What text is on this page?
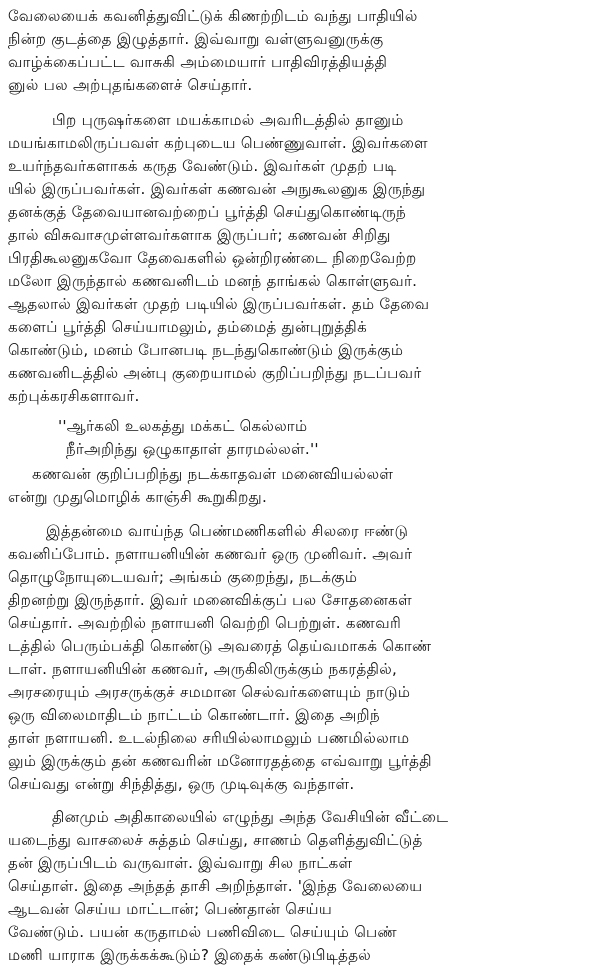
வேலையைக் கவனித்துவிட்டுக் கிணற்றிடம் வந்து பாதியில்
நின்ற குடத்தை இழுத்தார். இவ்வாறு வள்ளுவனுருக்கு
வாழ்க்கைப்பட்ட வாசுகி அம்மையார் பாதிவிரத்தியத்தி
னுல் பல அற்புதங்களைச் செய்தார்.
பிற புருஷர்களை மயக்காமல் அவரிடத்தில் தானும்
மயங்காமலிருப்பவள் கற்புடைய பெண்ணுவாள். இவர்களை
உயர்ந்தவர்களாகக் கருத வேண்டும். இவர்கள் முதற் படி
யில் இருப்பவர்கள். இவர்கள் கணவன் அநுகூலனுக இருந்து
தனக்குத் தேவையானவற்றைப் பூர்த்தி செய்துகொண்டிருந்
தால் விசுவாசமுள்ளவர்களாக இருப்பர்; கணவன் சிறிது
பிரதிகூலனுகவோ தேவைகளில் ஒன்றிரண்டை நிறைவேற்ற
மலோ இருந்தால் கணவனிடம் மனந் தாங்கல் கொள்ளுவர்.
ஆதலால் இவர்கள் முதற் படியில் இருப்பவர்கள். தம் தேவை
களைப் பூர்த்தி செய்யாமலும், தம்மைத் துன்புறுத்திக்
கொண்டும், மனம் போனபடி நடந்துகொண்டும் இருக்கும்
கணவனிடத்தில் அன்பு குறையாமல் குறிப்பறிந்து நடப்பவர்
கற்புக்கரசிகளாவர்.
''ஆர்கலி உலகத்து மக்கட் கெல்லாம்
நீர்அறிந்து ஒழுகாதாள் தாரமல்லள்.''
கணவன் குறிப்பறிந்து நடக்காதவள் மனைவியல்லள்
என்று முதுமொழிக் காஞ்சி கூறுகிறது.
இத்தன்மை வாய்ந்த பெண்மணிகளில் சிலரை ஈண்டு
கவனிப்போம். நளாயனியின் கணவர் ஒரு முனிவர். அவர்
தொழுநோயுடையவர்; அங்கம் குறைந்து, நடக்கும்
திறனற்று இருந்தார். இவர் மனைவிக்குப் பல சோதனைகள்
செய்தார். அவற்றில் நளாயனி வெற்றி பெற்றுள். கணவரி
டத்தில் பெரும்பக்தி கொண்டு அவரைத் தெய்வமாகக் கொண்
டாள். நளாயனியின் கணவர், அருகிலிருக்கும் நகரத்தில்,
அரசரையும் அரசருக்குச் சமமான செல்வர்களையும் நாடும்
ஒரு விலைமாதிடம் நாட்டம் கொண்டார். இதை அறிந்
தாள் நளாயனி. உடல்நிலை சரியில்லாமலும் பணமில்லாம
லும் இருக்கும் தன் கணவரின் மனோரதத்தை எவ்வாறு பூர்த்தி
செய்வது என்று சிந்தித்து, ஒரு முடிவுக்கு வந்தாள்.
தினமும் அதிகாலையில் எழுந்து அந்த வேசியின் வீட்டை
யடைந்து வாசலைச் சுத்தம் செய்து, சாணம் தெளித்துவிட்டுத்
தன் இருப்பிடம் வருவாள். இவ்வாறு சில நாட்கள்
செய்தாள். இதை அந்தத் தாசி அறிந்தாள். 'இந்த வேலையை
ஆடவன் செய்ய மாட்டான்; பெண்தான் செய்ய
வேண்டும். பயன் கருதாமல் பணிவிடை செய்யும் பெண்
மணி யாராக இருக்கக்கூடும்? இதைக் கண்டுபிடித்தல்
